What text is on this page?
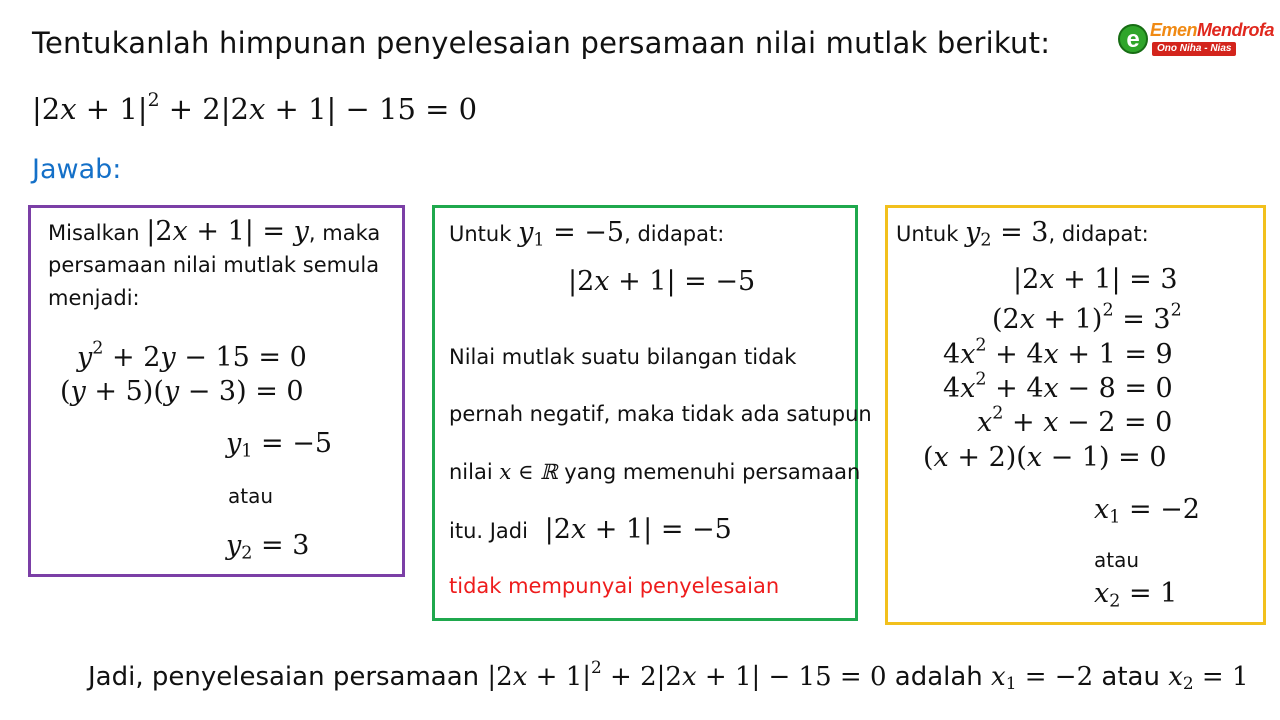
Tentukanlah himpunan penyelesaian persamaan nilai mutlak berikut:	e EmenMendrofa
Ono Niha - Nias
$|2x + 1|^2 + 2|2x + 1| - 15 = 0$
Jawab:
Misalkan |2x + 1| = y, maka
persamaan nilai mutlak semula
menjadi:
$y^2 + 2y - 15 = 0$
(y + 5)(y − 3) = 0
$y_1 = -5$
atau
$y_2 = 3$
Untuk $y_1 = -5$, didapat:
|2x + 1| = −5
Nilai mutlak suatu bilangan tidak
pernah negatif, maka tidak ada satupun
nilai x ∈ ℝ yang memenuhi persamaan
itu. Jadi |2x + 1| = −5
tidak mempunyai penyelesaian
Untuk $y_2 = 3$, didapat:
|2x + 1| = 3
$(2x + 1)^2 = 3^2$
$4x^2 + 4x + 1 = 9$
$4x^2 + 4x - 8 = 0$
$x^2 + x - 2 = 0$
(x + 2)(x − 1) = 0
$x_1 = -2$
atau
$x_2 = 1$
Jadi, penyelesaian persamaan $|2x + 1|^2 + 2|2x + 1| - 15 = 0$ adalah $x_1 = -2$ atau $x_2 = 1$
